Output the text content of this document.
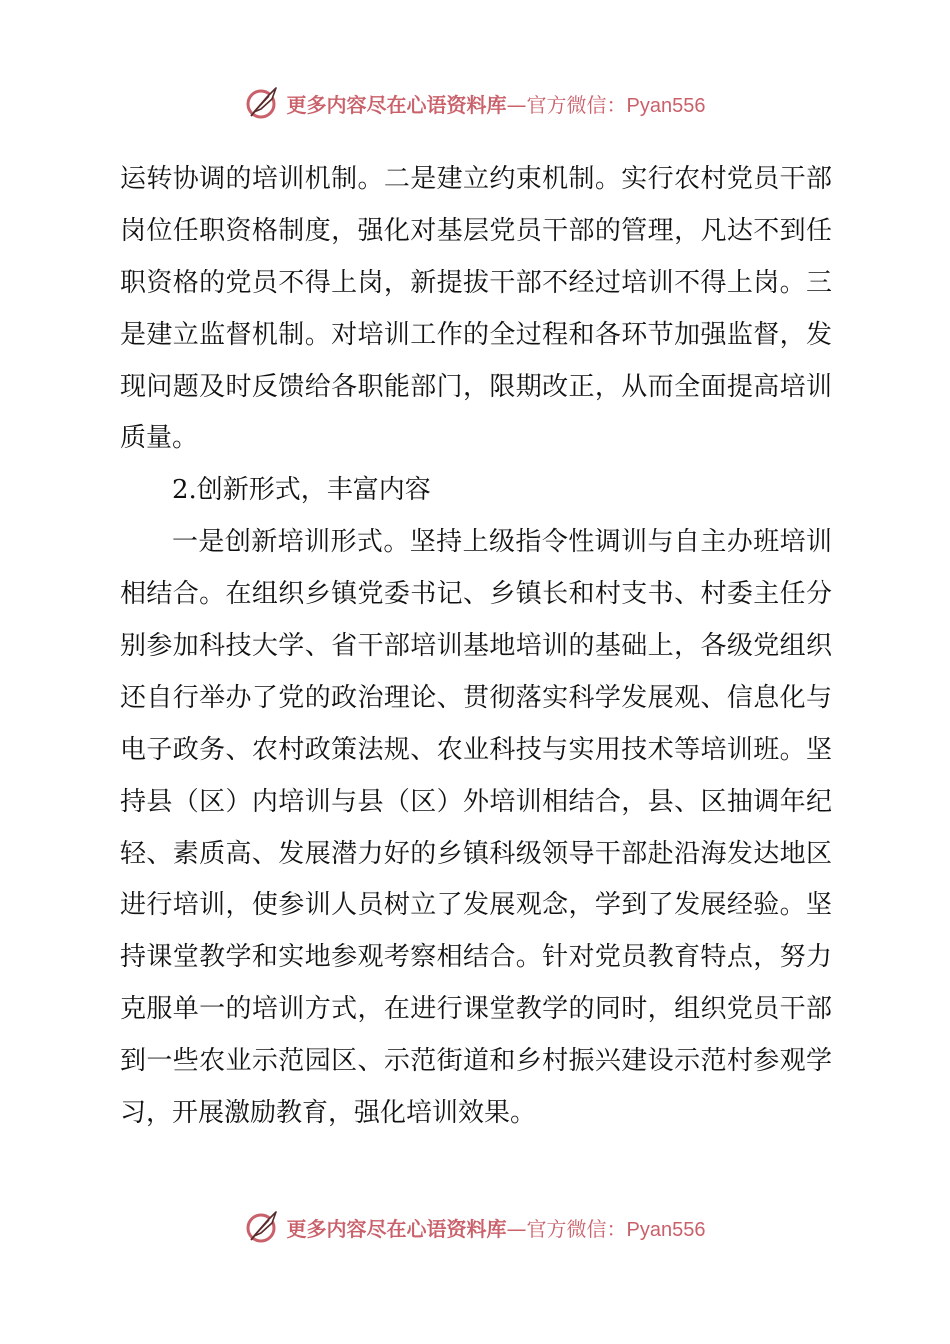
更多内容尽在心语资料库 — 官方微信： Pyan556
运转协调的培训机制。二是建立约束机制。实行农村党员干部
岗位任职资格制度，强化对基层党员干部的管理，凡达不到任
职资格的党员不得上岗，新提拔干部不经过培训不得上岗。三
是建立监督机制。对培训工作的全过程和各环节加强监督，发
现问题及时反馈给各职能部门，限期改正，从而全面提高培训
质量。
2.创新形式，丰富内容
一是创新培训形式。坚持上级指令性调训与自主办班培训
相结合。在组织乡镇党委书记、乡镇长和村支书、村委主任分
别参加科技大学、省干部培训基地培训的基础上，各级党组织
还自行举办了党的政治理论、贯彻落实科学发展观、信息化与
电子政务、农村政策法规、农业科技与实用技术等培训班。坚
持县（区）内培训与县（区）外培训相结合，县、区抽调年纪
轻、素质高、发展潜力好的乡镇科级领导干部赴沿海发达地区
进行培训，使参训人员树立了发展观念，学到了发展经验。坚
持课堂教学和实地参观考察相结合。针对党员教育特点，努力
克服单一的培训方式，在进行课堂教学的同时，组织党员干部
到一些农业示范园区、示范街道和乡村振兴建设示范村参观学
习，开展激励教育，强化培训效果。
更多内容尽在心语资料库 — 官方微信： Pyan556
